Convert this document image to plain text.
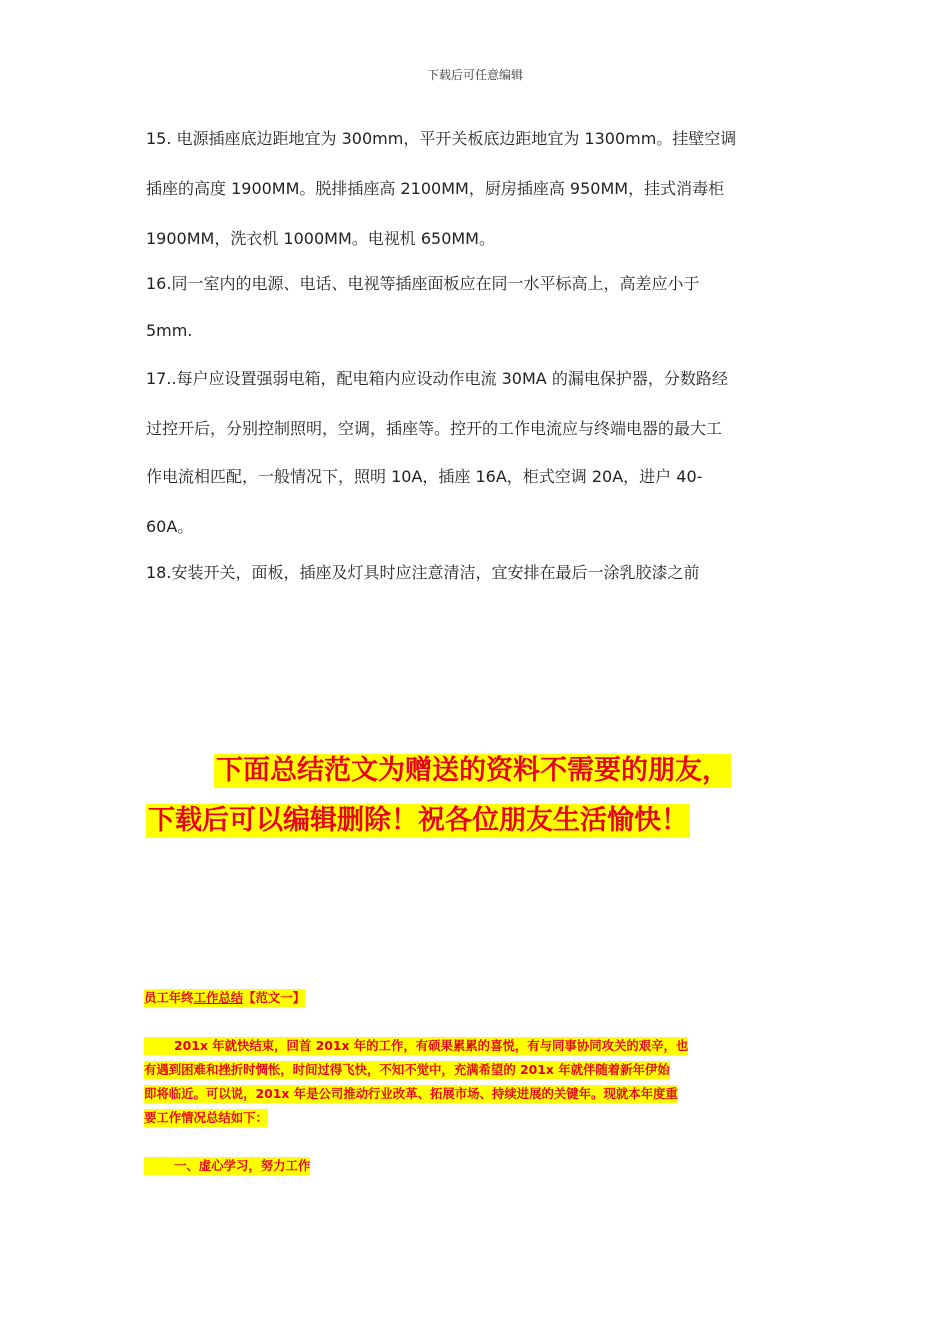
下载后可任意编辑
15. 电源插座底边距地宜为 300mm，平开关板底边距地宜为 1300mm。挂壁空调
插座的高度 1900MM。脱排插座高 2100MM，厨房插座高 950MM，挂式消毒柜
1900MM，洗衣机 1000MM。电视机 650MM。
16.同一室内的电源、电话、电视等插座面板应在同一水平标高上，高差应小于
5mm.
17..每户应设置强弱电箱，配电箱内应设动作电流 30MA 的漏电保护器，分数路经
过控开后，分别控制照明，空调，插座等。控开的工作电流应与终端电器的最大工
作电流相匹配，一般情况下，照明 10A，插座 16A，柜式空调 20A，进户 40-
60A。
18.安装开关，面板，插座及灯具时应注意清洁，宜安排在最后一涂乳胶漆之前
下面总结范文为赠送的资料不需要的朋友，
下载后可以编辑删除！祝各位朋友生活愉快！
员工年终工作总结【范文一】
201x 年就快结束，回首 201x 年的工作，有硕果累累的喜悦，有与同事协同攻关的艰辛，也
有遇到困难和挫折时惆怅，时间过得飞快，不知不觉中，充满希望的 201x 年就伴随着新年伊始
即将临近。可以说，201x 年是公司推动行业改革、拓展市场、持续进展的关键年。现就本年度重
要工作情况总结如下：
一、虚心学习，努力工作
